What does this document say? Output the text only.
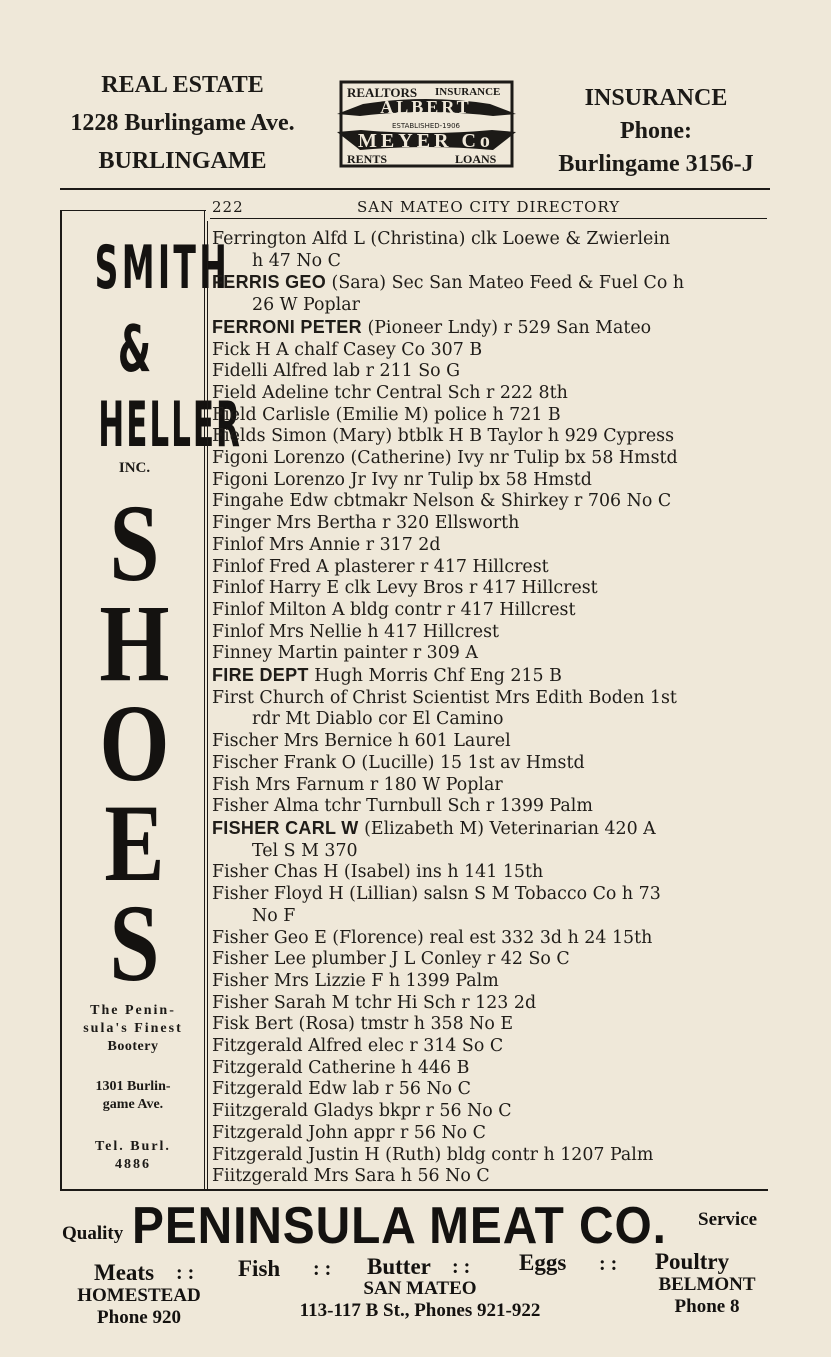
REAL ESTATE
1228 Burlingame Ave.
BURLINGAME
REALTORS INSURANCE
ALBERT
ESTABLISHED-1906
MEYER Co
RENTS	LOANS
INSURANCE
Phone:
Burlingame 3156-J
222	SAN MATEO CITY DIRECTORY
SMITH
&
HELLER
INC.
S
H
O
E
S
The Penin-
sula's Finest
Bootery
1301 Burlin-
game Ave.
Tel. Burl.
4886
Ferrington Alfd L (Christina) clk Loewe & Zwierlein
h 47 No C
FERRIS GEO (Sara) Sec San Mateo Feed & Fuel Co h
26 W Poplar
FERRONI PETER (Pioneer Lndy) r 529 San Mateo
Fick H A chalf Casey Co 307 B
Fidelli Alfred lab r 211 So G
Field Adeline tchr Central Sch r 222 8th
Field Carlisle (Emilie M) police h 721 B
Fields Simon (Mary) btblk H B Taylor h 929 Cypress
Figoni Lorenzo (Catherine) Ivy nr Tulip bx 58 Hmstd
Figoni Lorenzo Jr Ivy nr Tulip bx 58 Hmstd
Fingahe Edw cbtmakr Nelson & Shirkey r 706 No C
Finger Mrs Bertha r 320 Ellsworth
Finlof Mrs Annie r 317 2d
Finlof Fred A plasterer r 417 Hillcrest
Finlof Harry E clk Levy Bros r 417 Hillcrest
Finlof Milton A bldg contr r 417 Hillcrest
Finlof Mrs Nellie h 417 Hillcrest
Finney Martin painter r 309 A
FIRE DEPT Hugh Morris Chf Eng 215 B
First Church of Christ Scientist Mrs Edith Boden 1st
rdr Mt Diablo cor El Camino
Fischer Mrs Bernice h 601 Laurel
Fischer Frank O (Lucille) 15 1st av Hmstd
Fish Mrs Farnum r 180 W Poplar
Fisher Alma tchr Turnbull Sch r 1399 Palm
FISHER CARL W (Elizabeth M) Veterinarian 420 A
Tel S M 370
Fisher Chas H (Isabel) ins h 141 15th
Fisher Floyd H (Lillian) salsn S M Tobacco Co h 73
No F
Fisher Geo E (Florence) real est 332 3d h 24 15th
Fisher Lee plumber J L Conley r 42 So C
Fisher Mrs Lizzie F h 1399 Palm
Fisher Sarah M tchr Hi Sch r 123 2d
Fisk Bert (Rosa) tmstr h 358 No E
Fitzgerald Alfred elec r 314 So C
Fitzgerald Catherine h 446 B
Fitzgerald Edw lab r 56 No C
Fiitzgerald Gladys bkpr r 56 No C
Fitzgerald John appr r 56 No C
Fitzgerald Justin H (Ruth) bldg contr h 1207 Palm
Fiitzgerald Mrs Sara h 56 No C
Quality PENINSULA MEAT CO. Service
Meats : : Fish : : Butter : : Eggs : : Poultry
HOMESTEAD
Phone 920
SAN MATEO
113-117 B St., Phones 921-922
BELMONT
Phone 8
